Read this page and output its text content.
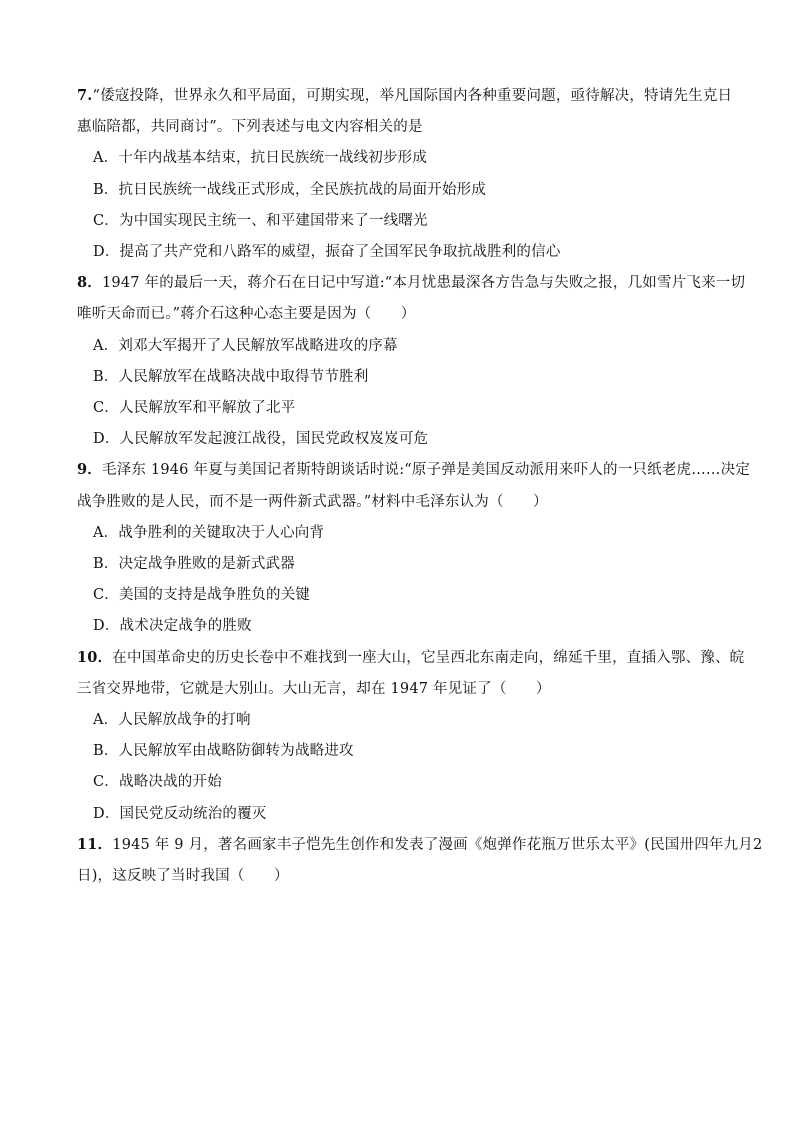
7.“倭寇投降，世界永久和平局面，可期实现，举凡国际国内各种重要问题，亟待解决，特请先生克日
惠临陪都，共同商讨”。下列表述与电文内容相关的是
A．十年内战基本结束，抗日民族统一战线初步形成
B．抗日民族统一战线正式形成，全民族抗战的局面开始形成
C．为中国实现民主统一、和平建国带来了一线曙光
D．提高了共产党和八路军的威望，振奋了全国军民争取抗战胜利的信心
8．1947 年的最后一天，蒋介石在日记中写道:“本月忧患最深各方告急与失败之报，几如雪片飞来一切
唯听天命而已。”蒋介石这种心态主要是因为（　　）
A．刘邓大军揭开了人民解放军战略进攻的序幕
B．人民解放军在战略决战中取得节节胜利
C．人民解放军和平解放了北平
D．人民解放军发起渡江战役，国民党政权岌岌可危
9．毛泽东 1946 年夏与美国记者斯特朗谈话时说:“原子弹是美国反动派用来吓人的一只纸老虎……决定
战争胜败的是人民，而不是一两件新式武器。”材料中毛泽东认为（　　）
A．战争胜利的关键取决于人心向背
B．决定战争胜败的是新式武器
C．美国的支持是战争胜负的关键
D．战术决定战争的胜败
10．在中国革命史的历史长卷中不难找到一座大山，它呈西北东南走向，绵延千里，直插入鄂、豫、皖
三省交界地带，它就是大别山。大山无言，却在 1947 年见证了（　　）
A．人民解放战争的打响
B．人民解放军由战略防御转为战略进攻
C．战略决战的开始
D．国民党反动统治的覆灭
11．1945 年 9 月，著名画家丰子恺先生创作和发表了漫画《炮弹作花瓶万世乐太平》(民国卅四年九月2
日)，这反映了当时我国（　　）
